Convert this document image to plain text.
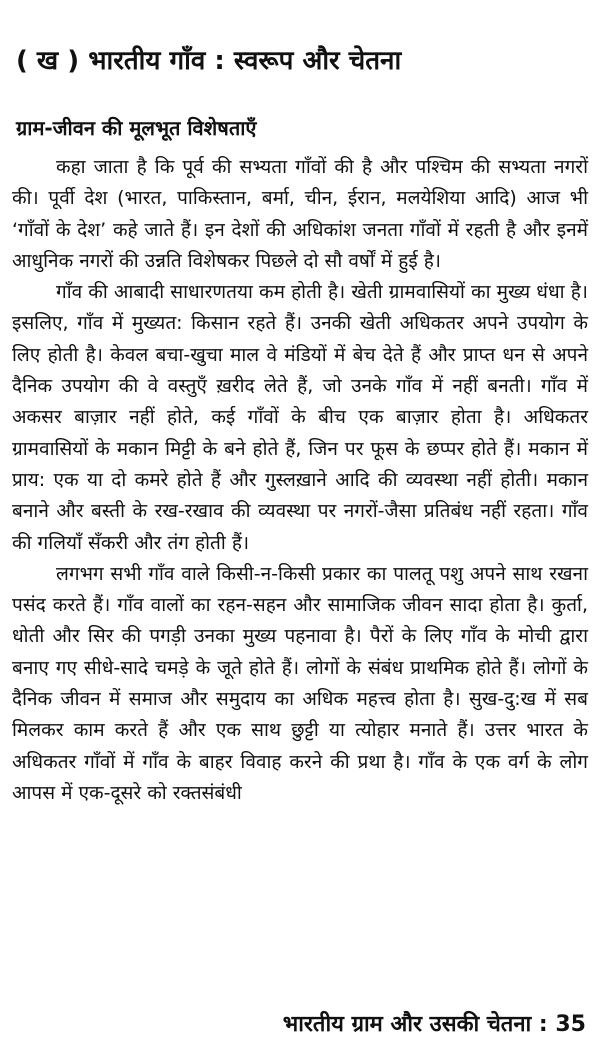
( ख ) भारतीय गाँव : स्वरूप और चेतना
ग्राम-जीवन की मूलभूत विशेषताएँ

कहा जाता है कि पूर्व की सभ्यता गाँवों की है और पश्चिम की सभ्यता नगरों की। पूर्वी देश (भारत, पाकिस्तान, बर्मा, चीन, ईरान, मलयेशिया आदि) आज भी ‘गाँवों के देश’ कहे जाते हैं। इन देशों की अधिकांश जनता गाँवों में रहती है और इनमें आधुनिक नगरों की उन्नति विशेषकर पिछले दो सौ वर्षों में हुई है।

गाँव की आबादी साधारणतया कम होती है। खेती ग्रामवासियों का मुख्य धंधा है। इसलिए, गाँव में मुख्यत: किसान रहते हैं। उनकी खेती अधिकतर अपने उपयोग के लिए होती है। केवल बचा-खुचा माल वे मंडियों में बेच देते हैं और प्राप्त धन से अपने दैनिक उपयोग की वे वस्तुएँ ख़रीद लेते हैं, जो उनके गाँव में नहीं बनती। गाँव में अकसर बाज़ार नहीं होते, कई गाँवों के बीच एक बाज़ार होता है। अधिकतर ग्रामवासियों के मकान मिट्टी के बने होते हैं, जिन पर फूस के छप्पर होते हैं। मकान में प्राय: एक या दो कमरे होते हैं और गुस्लख़ाने आदि की व्यवस्था नहीं होती। मकान बनाने और बस्ती के रख-रखाव की व्यवस्था पर नगरों-जैसा प्रतिबंध नहीं रहता। गाँव की गलियाँ सँकरी और तंग होती हैं।

लगभग सभी गाँव वाले किसी-न-किसी प्रकार का पालतू पशु अपने साथ रखना पसंद करते हैं। गाँव वालों का रहन-सहन और सामाजिक जीवन सादा होता है। कुर्ता, धोती और सिर की पगड़ी उनका मुख्य पहनावा है। पैरों के लिए गाँव के मोची द्वारा बनाए गए सीधे-सादे चमड़े के जूते होते हैं। लोगों के संबंध प्राथमिक होते हैं। लोगों के दैनिक जीवन में समाज और समुदाय का अधिक महत्त्व होता है। सुख-दु:ख में सब मिलकर काम करते हैं और एक साथ छुट्टी या त्योहार मनाते हैं। उत्तर भारत के अधिकतर गाँवों में गाँव के बाहर विवाह करने की प्रथा है। गाँव के एक वर्ग के लोग आपस में एक-दूसरे को रक्तसंबंधी

भारतीय ग्राम और उसकी चेतना : 35
